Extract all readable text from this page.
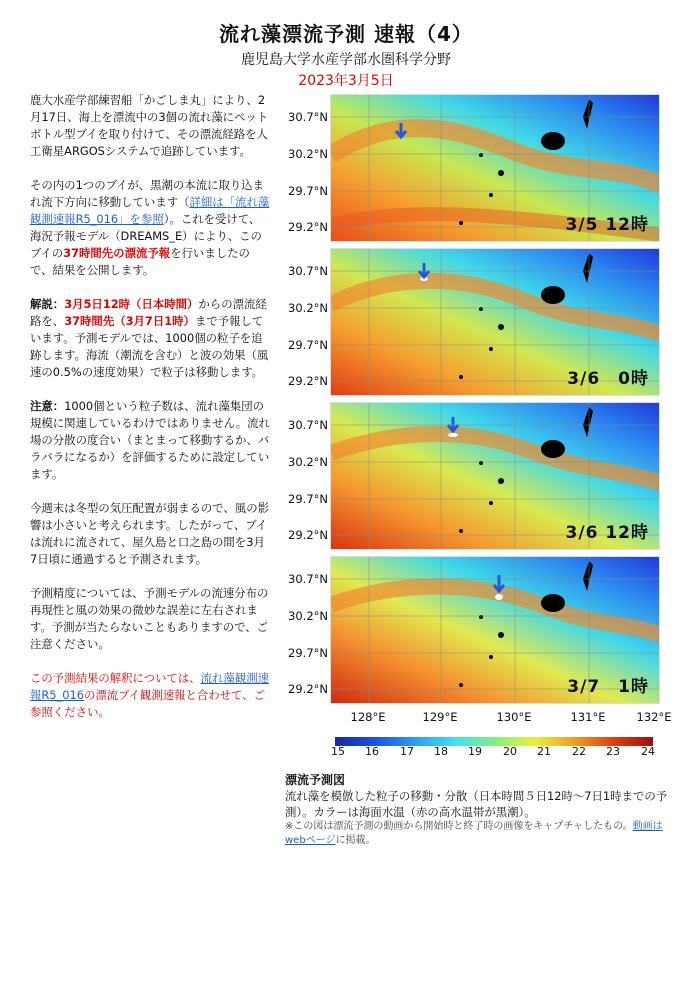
流れ藻漂流予測 速報（4）
鹿児島大学水産学部水圏科学分野
2023年3月5日

鹿大水産学部練習船「かごしま丸」により、2月17日、海上を漂流中の3個の流れ藻にペットボトル型ブイを取り付けて、その漂流経路を人工衛星ARGOSシステムで追跡しています。

その内の1つのブイが、黒潮の本流に取り込まれ流下方向に移動しています（詳細は「流れ藻観測速報R5_016」を参照）。これを受けて、海況予報モデル（DREAMS_E）により、このブイの37時間先の漂流予報を行いましたので、結果を公開します。

解説：3月5日12時（日本時間）からの漂流経路を、37時間先（3月7日1時）まで予報しています。予測モデルでは、1000個の粒子を追跡します。海流（潮流を含む）と波の効果（風速の0.5%の速度効果）で粒子は移動します。

注意：1000個という粒子数は、流れ藻集団の規模に関連しているわけではありません。流れ場の分散の度合い（まとまって移動するか、バラバラになるか）を評価するために設定しています。

今週末は冬型の気圧配置が弱まるので、風の影響は小さいと考えられます。したがって、ブイは流れに流されて、屋久島と口之島の間を3月7日頃に通過すると予測されます。

予測精度については、予測モデルの流速分布の再現性と風の効果の微妙な誤差に左右されます。予測が当たらないこともありますので、ご注意ください。

この予測結果の解釈については、流れ藻観測速報R5_016の漂流ブイ観測速報と合わせて、ご参照ください。

30.7°N
30.2°N
29.7°N
29.2°N	3/5 12時
30.7°N
30.2°N
29.7°N
29.2°N	3/6　0時
30.7°N
30.2°N
29.7°N
29.2°N	3/6 12時
30.7°N
30.2°N
29.7°N
29.2°N	3/7　1時
128°E	129°E	130°E	131°E	132°E
15 16 17 18 19 20 21 22 23 24
漂流予測図
流れ藻を模倣した粒子の移動・分散（日本時間５日12時〜7日1時までの予測）。カラーは海面水温（赤の高水温帯が黒潮）。
※この図は漂流予測の動画から開始時と終了時の画像をキャプチャしたもの。動画はwebページに掲載。
